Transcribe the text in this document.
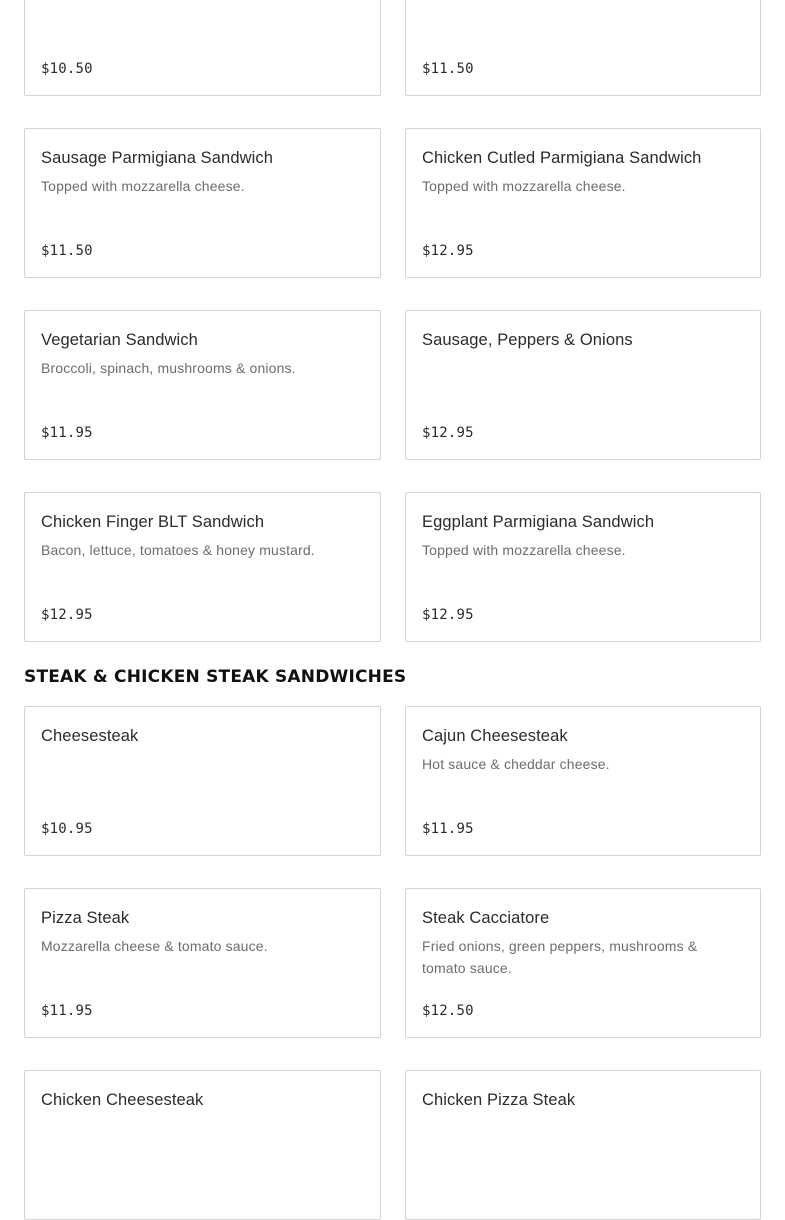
$10.50	$11.50
Sausage Parmigiana Sandwich
Topped with mozzarella cheese.
$11.50
Chicken Cutled Parmigiana Sandwich
Topped with mozzarella cheese.
$12.95
Vegetarian Sandwich
Broccoli, spinach, mushrooms & onions.
$11.95
Sausage, Peppers & Onions
$12.95
Chicken Finger BLT Sandwich
Bacon, lettuce, tomatoes & honey mustard.
$12.95
Eggplant Parmigiana Sandwich
Topped with mozzarella cheese.
$12.95
STEAK & CHICKEN STEAK SANDWICHES
Cheesesteak
$10.95
Cajun Cheesesteak
Hot sauce & cheddar cheese.
$11.95
Pizza Steak
Mozzarella cheese & tomato sauce.
$11.95
Steak Cacciatore
Fried onions, green peppers, mushrooms & tomato sauce.
$12.50
Chicken Cheesesteak	Chicken Pizza Steak
